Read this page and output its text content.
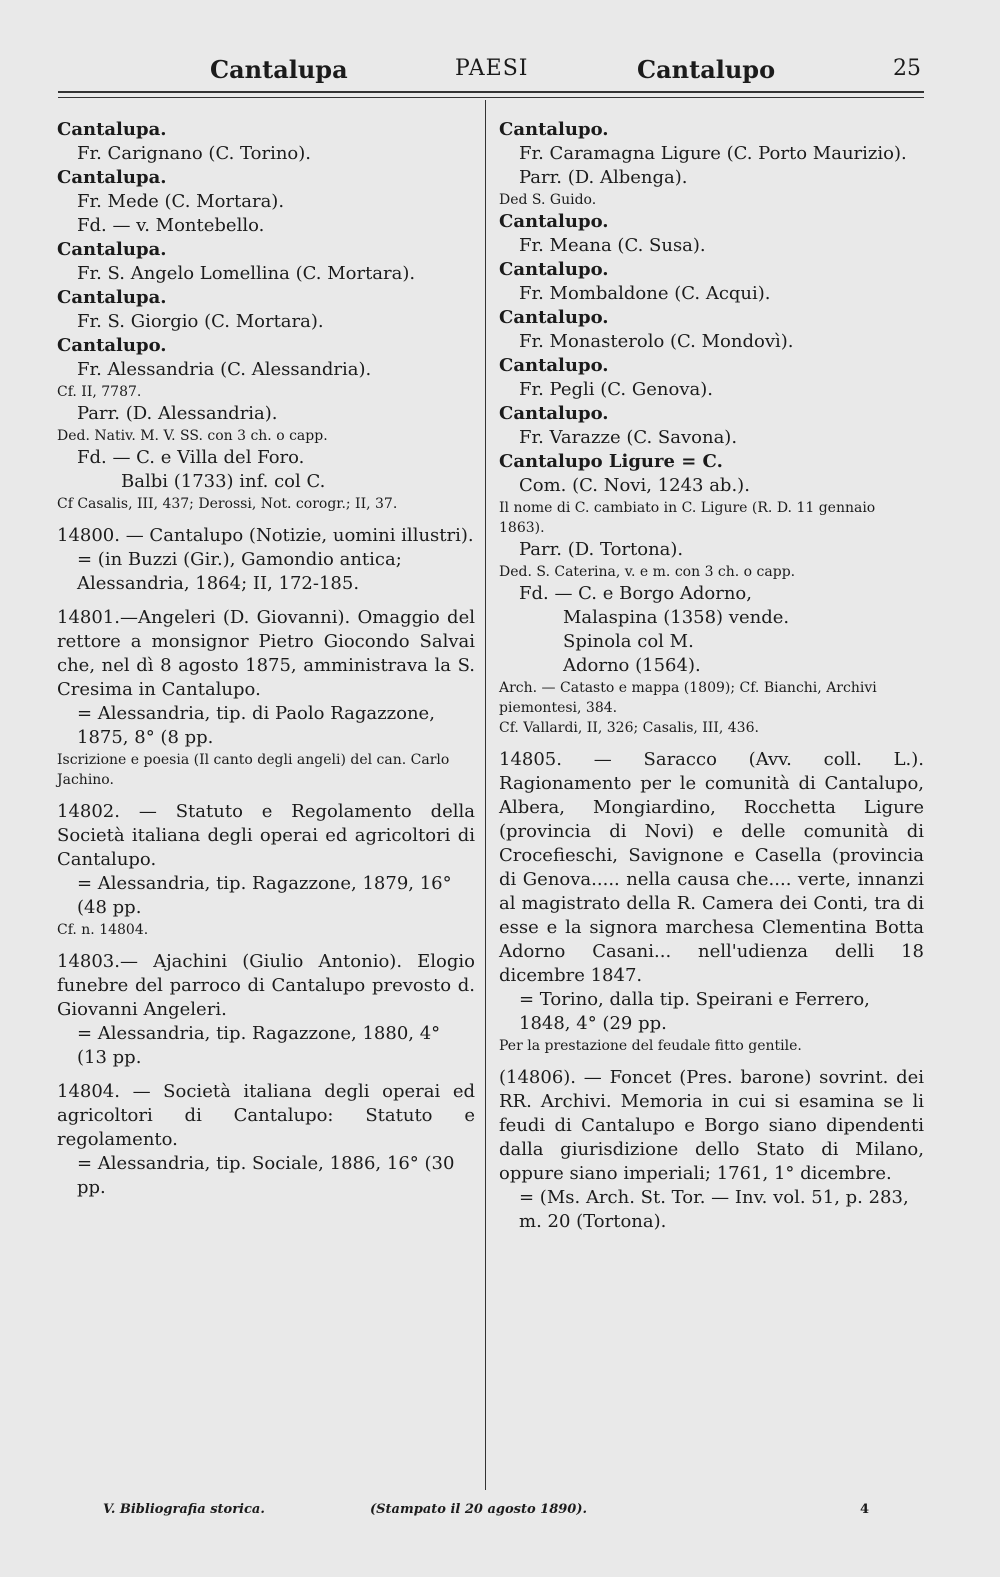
Cantalupa	PAESI	Cantalupo	25

Cantalupa.

Fr. Carignano (C. Torino).

Cantalupa.

Fr. Mede (C. Mortara).

Fd. — v. Montebello.

Cantalupa.

Fr. S. Angelo Lomellina (C. Mortara).

Cantalupa.

Fr. S. Giorgio (C. Mortara).

Cantalupo.

Fr. Alessandria (C. Alessandria).

Cf. II, 7787.

Parr. (D. Alessandria).

Ded. Nativ. M. V. SS. con 3 ch. o capp.

Fd. — C. e Villa del Foro.

Balbi (1733) inf. col C.

Cf Casalis, III, 437; Derossi, Not. corogr.; II, 37.

14800. — Cantalupo (Notizie, uomini illustri).

= (in Buzzi (Gir.), Gamondio antica; Alessandria, 1864; II, 172-185.

14801.—Angeleri (D. Giovanni). Omaggio del rettore a monsignor Pietro Giocondo Salvai che, nel dì 8 agosto 1875, amministrava la S. Cresima in Cantalupo.

= Alessandria, tip. di Paolo Ragazzone, 1875, 8° (8 pp.

Iscrizione e poesia (Il canto degli angeli) del can. Carlo Jachino.

14802. — Statuto e Regolamento della Società italiana degli operai ed agricoltori di Cantalupo.

= Alessandria, tip. Ragazzone, 1879, 16° (48 pp.

Cf. n. 14804.

14803.— Ajachini (Giulio Antonio). Elogio funebre del parroco di Cantalupo prevosto d. Giovanni Angeleri.

= Alessandria, tip. Ragazzone, 1880, 4° (13 pp.

14804. — Società italiana degli operai ed agricoltori di Cantalupo: Statuto e regolamento.

= Alessandria, tip. Sociale, 1886, 16° (30 pp.

Cantalupo.

Fr. Caramagna Ligure (C. Porto Maurizio).

Parr. (D. Albenga).

Ded S. Guido.

Cantalupo.

Fr. Meana (C. Susa).

Cantalupo.

Fr. Mombaldone (C. Acqui).

Cantalupo.

Fr. Monasterolo (C. Mondovì).

Cantalupo.

Fr. Pegli (C. Genova).

Cantalupo.

Fr. Varazze (C. Savona).

Cantalupo Ligure = C.

Com. (C. Novi, 1243 ab.).

Il nome di C. cambiato in C. Ligure (R. D. 11 gennaio 1863).

Parr. (D. Tortona).

Ded. S. Caterina, v. e m. con 3 ch. o capp.

Fd. — C. e Borgo Adorno,

Malaspina (1358) vende.

Spinola col M.

Adorno (1564).

Arch. — Catasto e mappa (1809); Cf. Bianchi, Archivi piemontesi, 384.

Cf. Vallardi, II, 326; Casalis, III, 436.

14805. — Saracco (Avv. coll. L.). Ragionamento per le comunità di Cantalupo, Albera, Mongiardino, Rocchetta Ligure (provincia di Novi) e delle comunità di Crocefieschi, Savignone e Casella (provincia di Genova..... nella causa che.... verte, innanzi al magistrato della R. Camera dei Conti, tra di esse e la signora marchesa Clementina Botta Adorno Casani... nell'udienza delli 18 dicembre 1847.

= Torino, dalla tip. Speirani e Ferrero, 1848, 4° (29 pp.

Per la prestazione del feudale fitto gentile.

(14806). — Foncet (Pres. barone) sovrint. dei RR. Archivi. Memoria in cui si esamina se li feudi di Cantalupo e Borgo siano dipendenti dalla giurisdizione dello Stato di Milano, oppure siano imperiali; 1761, 1° dicembre.

= (Ms. Arch. St. Tor. — Inv. vol. 51, p. 283, m. 20 (Tortona).

V. Bibliografia storica.	(Stampato il 20 agosto 1890).	4
